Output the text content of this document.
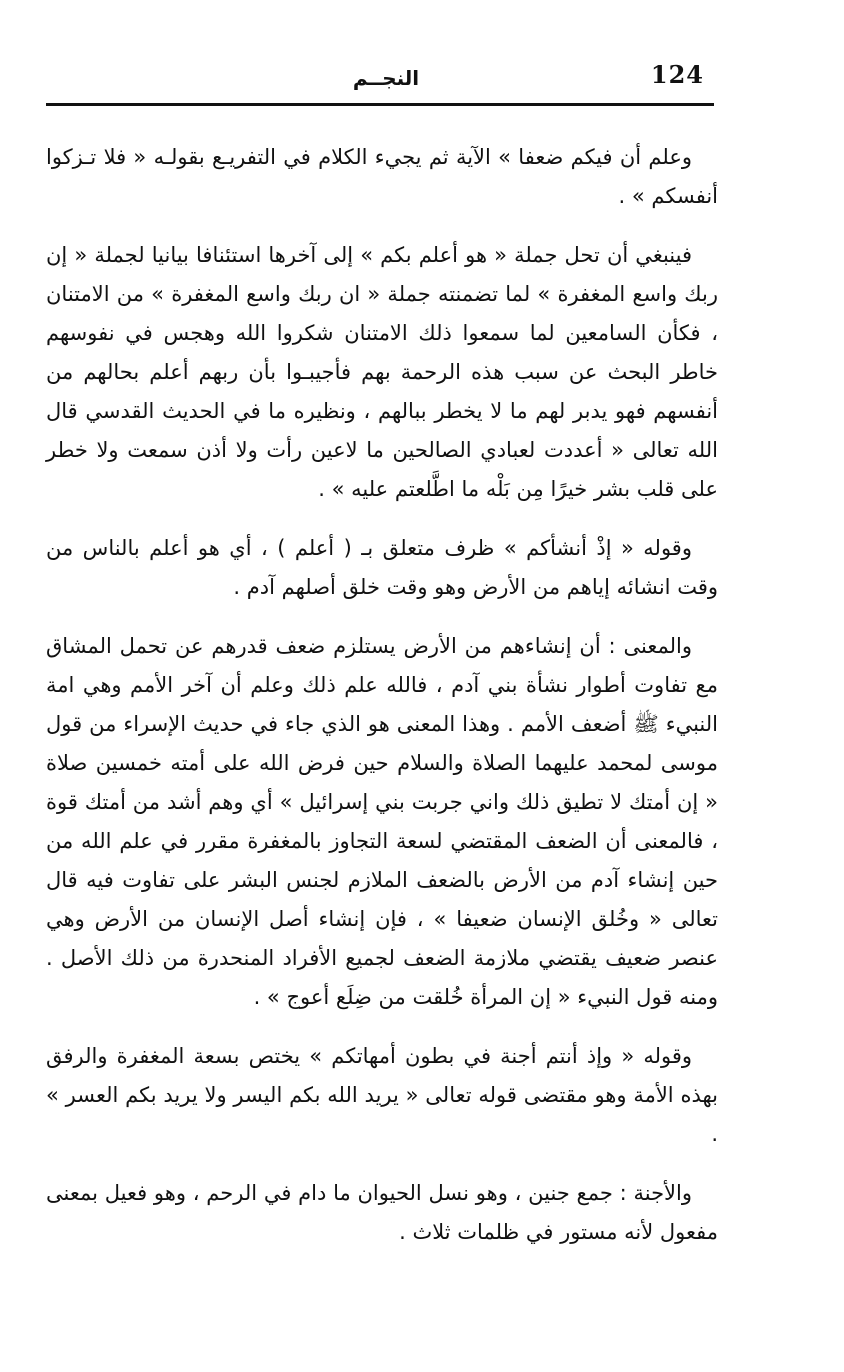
124
النجــم

وعلم أن فيكم ضعفا » الآية ثم يجيء الكلام في التفريـع بقولـه « فلا تـزكوا أنفسكم » .

فينبغي أن تحل جملة « هو أعلم بكم » إلى آخرها استئنافا بيانيا لجملة « إن ربك واسع المغفرة » لما تضمنته جملة « ان ربك واسع المغفرة » من الامتنان ، فكأن السامعين لما سمعوا ذلك الامتنان شكروا الله وهجس في نفوسهم خاطر البحث عن سبب هذه الرحمة بهم فأجيبـوا بأن ربهم أعلم بحالهم من أنفسهم فهو يدبر لهم ما لا يخطر ببالهم ، ونظيره ما في الحديث القدسي قال الله تعالى « أعددت لعبادي الصالحين ما لاعين رأت ولا أذن سمعت ولا خطر على قلب بشر خيرًا مِن بَلْه ما اطَّلعتم عليه » .

وقوله « إذْ أنشأكم » ظرف متعلق بـ ( أعلم ) ، أي هو أعلم بالناس من وقت انشائه إياهم من الأرض وهو وقت خلق أصلهم آدم .

والمعنى : أن إنشاءهم من الأرض يستلزم ضعف قدرهم عن تحمل المشاق مع تفاوت أطوار نشأة بني آدم ، فالله علم ذلك وعلم أن آخر الأمم وهي امة النبيء ﷺ أضعف الأمم . وهذا المعنى هو الذي جاء في حديث الإسراء من قول موسى لمحمد عليهما الصلاة والسلام حين فرض الله على أمته خمسين صلاة « إن أمتك لا تطيق ذلك واني جربت بني إسرائيل » أي وهم أشد من أمتك قوة ، فالمعنى أن الضعف المقتضي لسعة التجاوز بالمغفرة مقرر في علم الله من حين إنشاء آدم من الأرض بالضعف الملازم لجنس البشر على تفاوت فيه قال تعالى « وخُلق الإنسان ضعيفا » ، فإن إنشاء أصل الإنسان من الأرض وهي عنصر ضعيف يقتضي ملازمة الضعف لجميع الأفراد المنحدرة من ذلك الأصل . ومنه قول النبيء « إن المرأة خُلقت من ضِلَع أعوج » .

وقوله « وإذ أنتم أجنة في بطون أمهاتكم » يختص بسعة المغفرة والرفق بهذه الأمة وهو مقتضى قوله تعالى « يريد الله بكم اليسر ولا يريد بكم العسر » .

والأجنة : جمع جنين ، وهو نسل الحيوان ما دام في الرحم ، وهو فعيل بمعنى مفعول لأنه مستور في ظلمات ثلاث .
